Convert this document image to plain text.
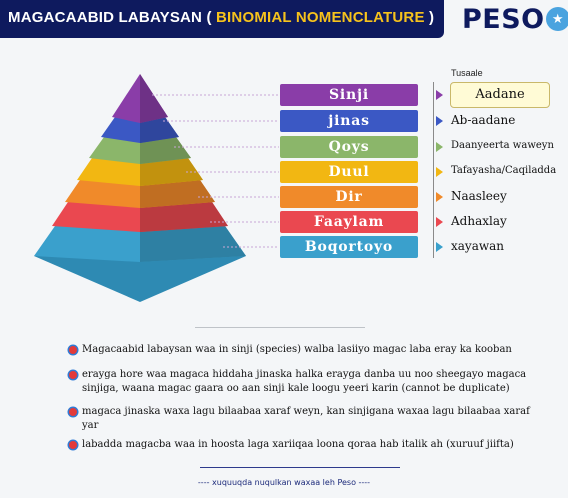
MAGACAABID LABAYSAN ( BINOMIAL NOMENCLATURE ) PESO ★
Tusaale
Sinji
jinas
Qoys
Duul
Dir
Faaylam
Boqortoyo
Aadane
Ab-aadane
Daanyeerta waweyn
Tafayasha/Caqiladda
Naasleey
Adhaxlay
xayawan
Magacaabid labaysan waa in sinji (species) walba lasiiyo magac laba eray ka kooban
erayga hore waa magaca hiddaha jinaska halka erayga danba uu noo sheegayo magaca sinjiga, waana magac gaara oo aan sinji kale loogu yeeri karin (cannot be duplicate)
magaca jinaska waxa lagu bilaabaa xaraf weyn, kan sinjigana waxaa lagu bilaabaa xaraf yar
labadda magacba waa in hoosta laga xariiqaa loona qoraa hab italik ah (xuruuf jiifta)
---- xuquuqda nuqulkan waxaa leh Peso ----
